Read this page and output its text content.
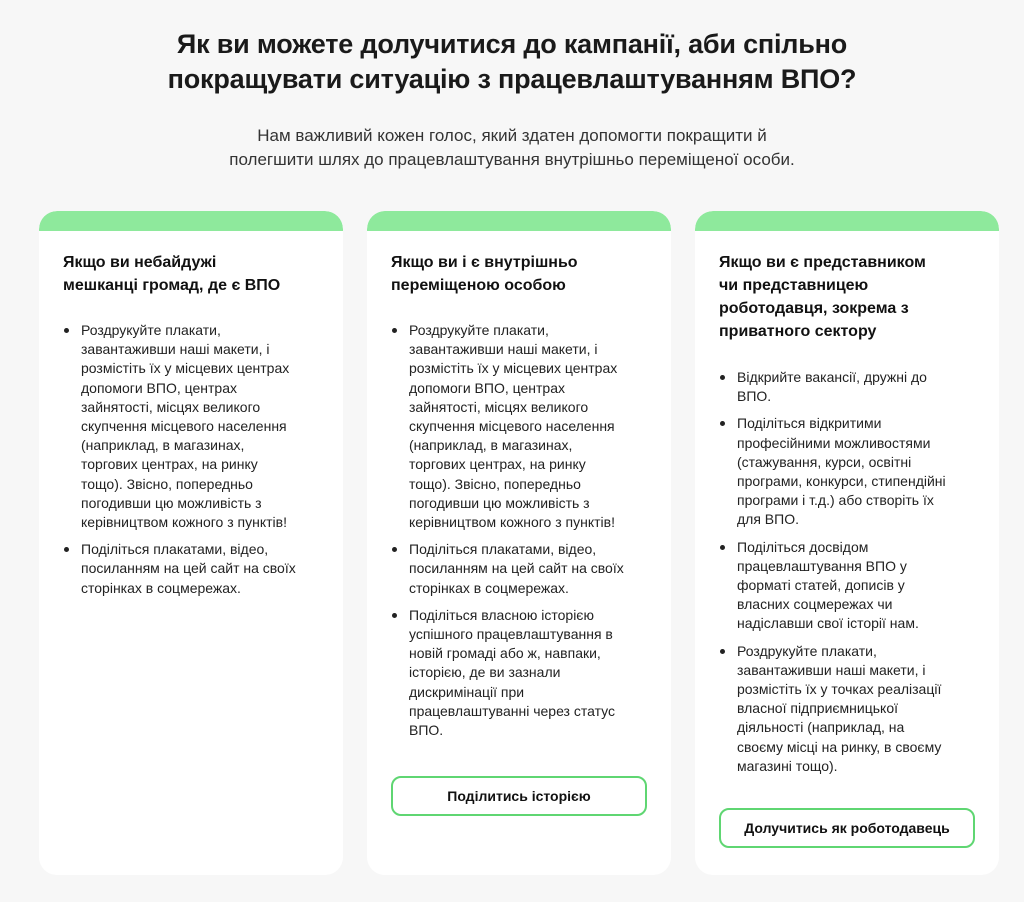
Як ви можете долучитися до кампанії, аби спільно
покращувати ситуацію з працевлаштуванням ВПО?

Нам важливий кожен голос, який здатен допомогти покращити й
полегшити шлях до працевлаштування внутрішньо переміщеної особи.

Якщо ви небайдужі
мешканці громад, де є ВПО
Роздрукуйте плакати,
завантаживши наші макети, і
розмістіть їх у місцевих центрах
допомоги ВПО, центрах
зайнятості, місцях великого
скупчення місцевого населення
(наприклад, в магазинах,
торгових центрах, на ринку
тощо). Звісно, попередньо
погодивши цю можливість з
керівництвом кожного з пунктів!
Поділіться плакатами, відео,
посиланням на цей сайт на своїх
сторінках в соцмережах.
Якщо ви і є внутрішньо
переміщеною особою
Роздрукуйте плакати,
завантаживши наші макети, і
розмістіть їх у місцевих центрах
допомоги ВПО, центрах
зайнятості, місцях великого
скупчення місцевого населення
(наприклад, в магазинах,
торгових центрах, на ринку
тощо). Звісно, попередньо
погодивши цю можливість з
керівництвом кожного з пунктів!
Поділіться плакатами, відео,
посиланням на цей сайт на своїх
сторінках в соцмережах.
Поділіться власною історією
успішного працевлаштування в
новій громаді або ж, навпаки,
історією, де ви зазнали
дискримінації при
працевлаштуванні через статус
ВПО.
Поділитись історією
Якщо ви є представником
чи представницею
роботодавця, зокрема з
приватного сектору
Відкрийте вакансії, дружні до
ВПО.
Поділіться відкритими
професійними можливостями
(стажування, курси, освітні
програми, конкурси, стипендійні
програми і т.д.) або створіть їх
для ВПО.
Поділіться досвідом
працевлаштування ВПО у
форматі статей, дописів у
власних соцмережах чи
надіславши свої історії нам.
Роздрукуйте плакати,
завантаживши наші макети, і
розмістіть їх у точках реалізації
власної підприємницької
діяльності (наприклад, на
своєму місці на ринку, в своєму
магазині тощо).
Долучитись як роботодавець
